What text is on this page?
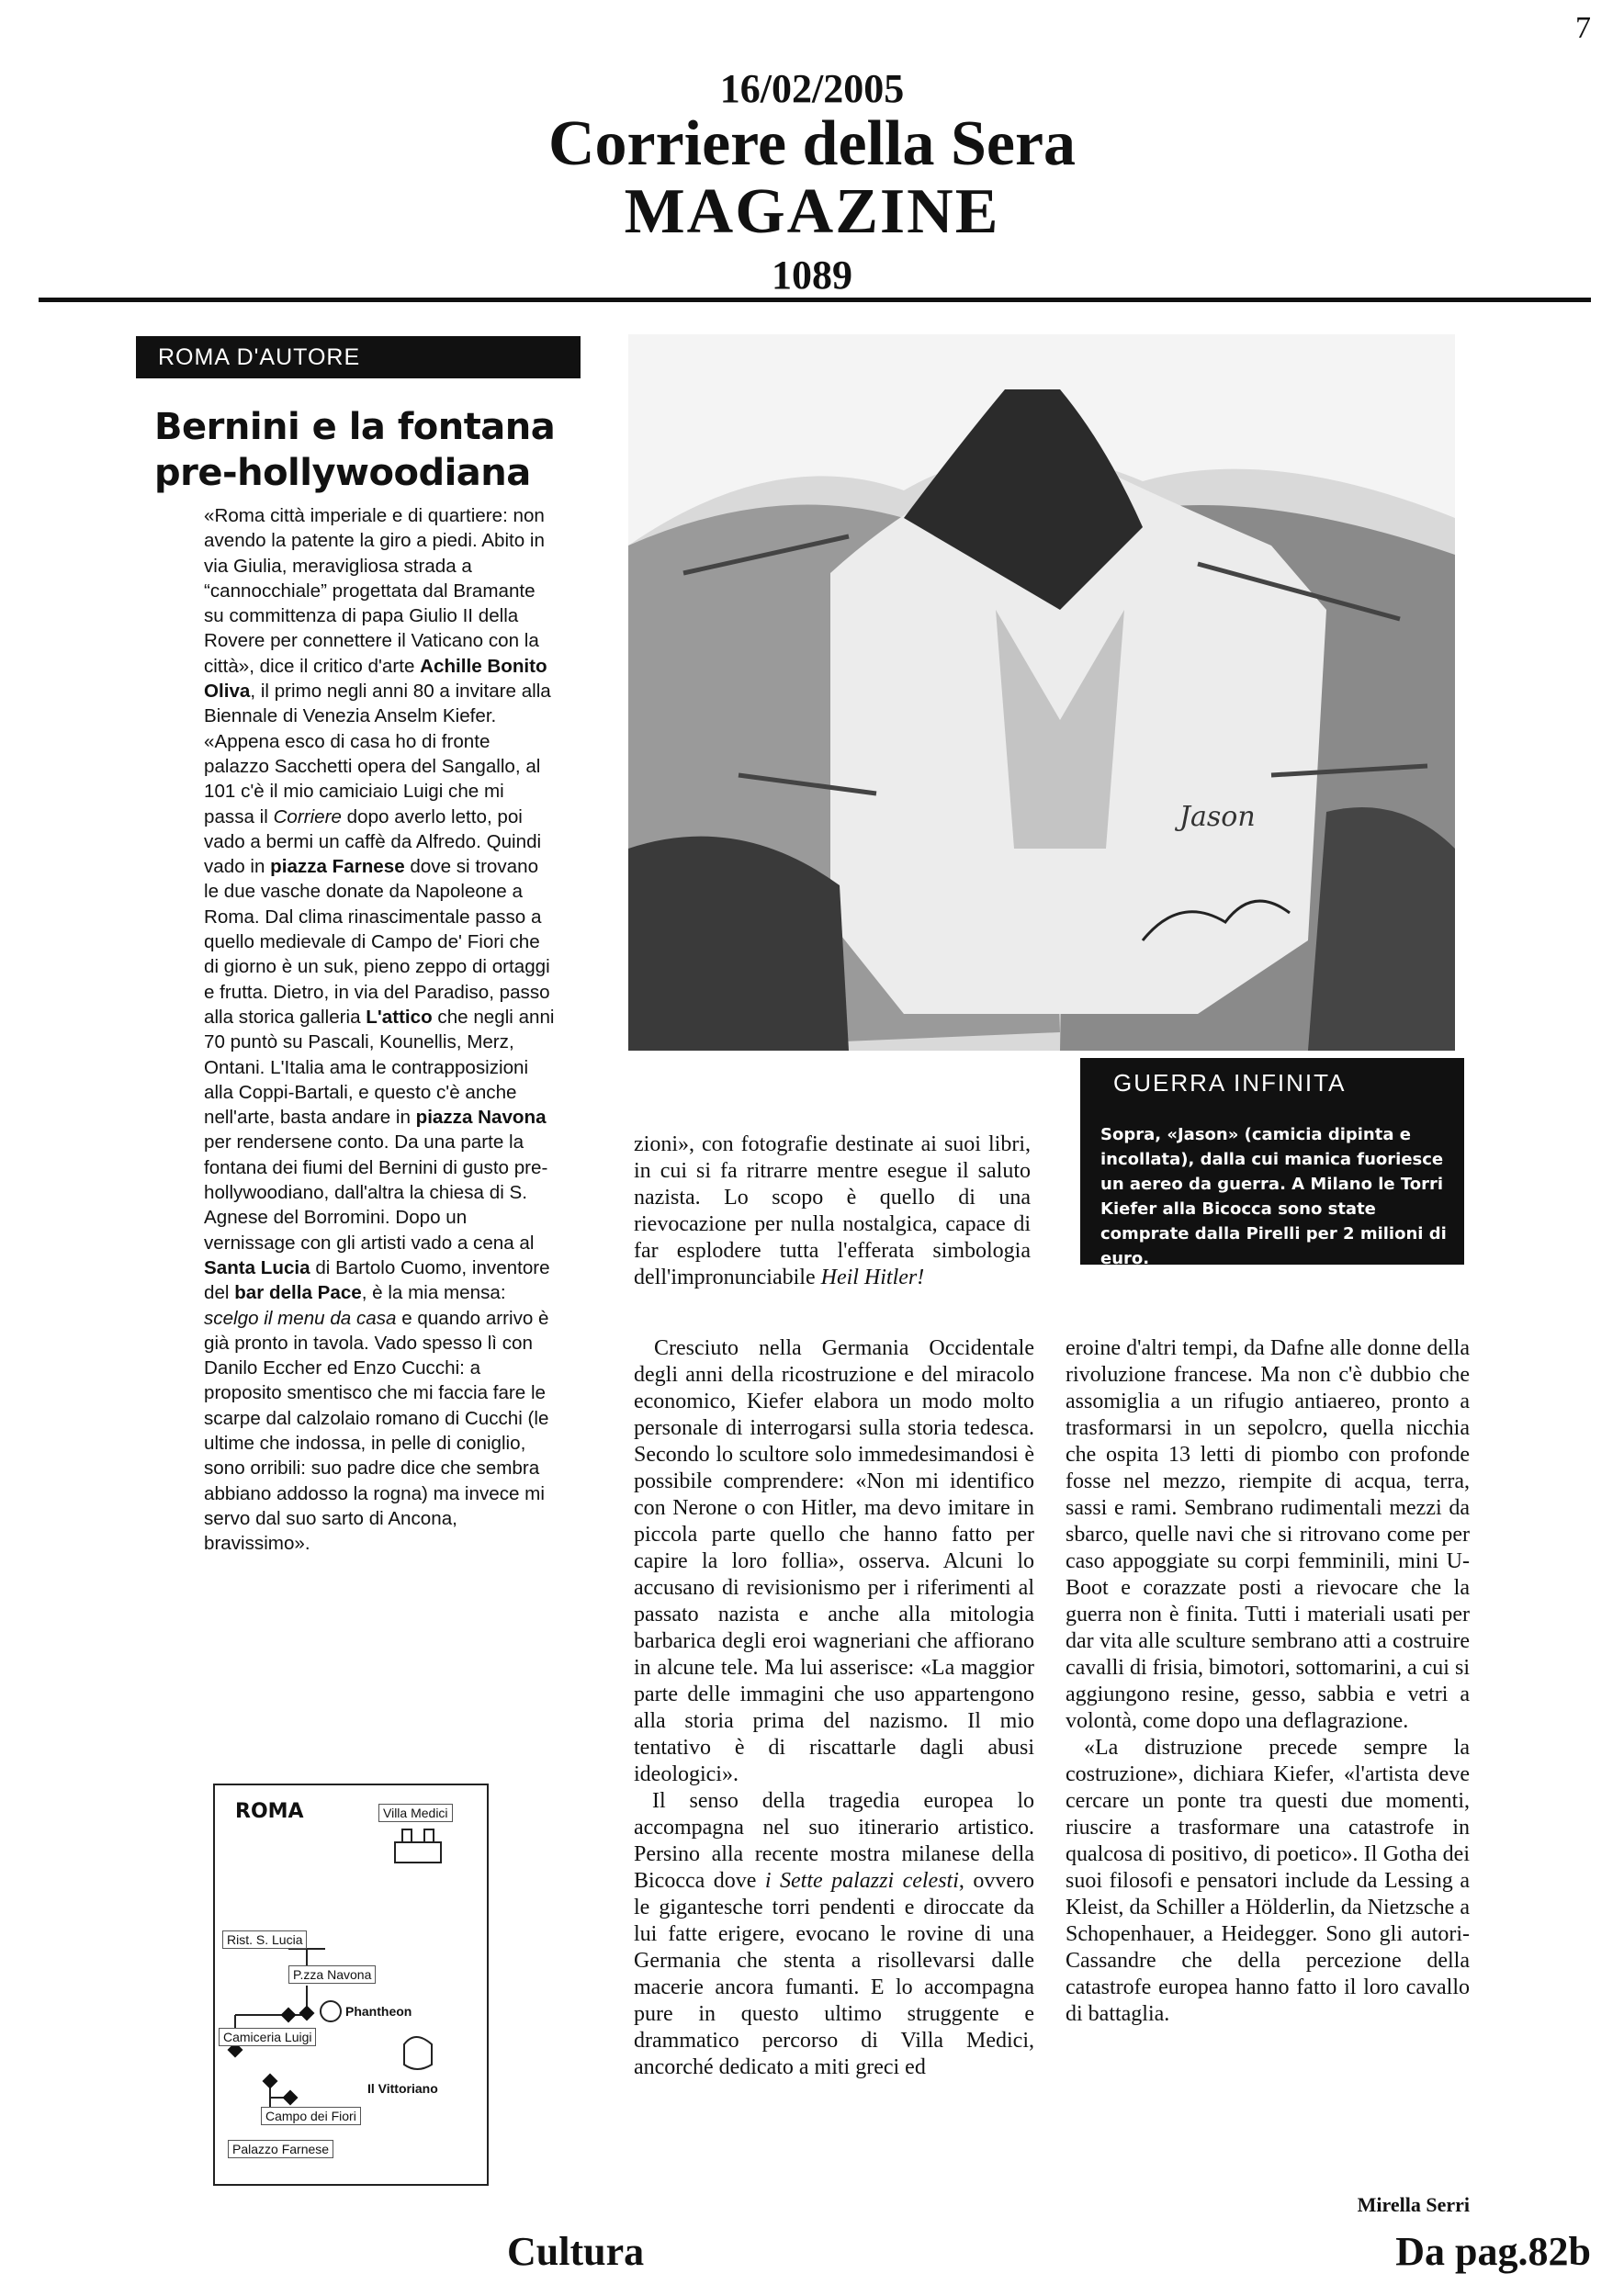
7
16/02/2005
Corriere della Sera
MAGAZINE
1089
ROMA D'AUTORE
Bernini e la fontana
pre-hollywoodiana
«Roma città imperiale e di quartiere: non avendo la patente la giro a piedi. Abito in via Giulia, meravigliosa strada a “cannocchiale” progettata dal Bramante su committenza di papa Giulio II della Rovere per connettere il Vaticano con la città», dice il critico d'arte Achille Bonito Oliva, il primo negli anni 80 a invitare alla Biennale di Venezia Anselm Kiefer. «Appena esco di casa ho di fronte palazzo Sacchetti opera del Sangallo, al 101 c'è il mio camiciaio Luigi che mi passa il Corriere dopo averlo letto, poi vado a bermi un caffè da Alfredo. Quindi vado in piazza Farnese dove si trovano le due vasche donate da Napoleone a Roma. Dal clima rinascimentale passo a quello medievale di Campo de' Fiori che di giorno è un suk, pieno zeppo di ortaggi e frutta. Dietro, in via del Paradiso, passo alla storica galleria L'attico che negli anni 70 puntò su Pascali, Kounellis, Merz, Ontani. L'Italia ama le contrapposizioni alla Coppi-Bartali, e questo c'è anche nell'arte, basta andare in piazza Navona per rendersene conto. Da una parte la fontana dei fiumi del Bernini di gusto pre-hollywoodiano, dall'altra la chiesa di S. Agnese del Borromini. Dopo un vernissage con gli artisti vado a cena al Santa Lucia di Bartolo Cuomo, inventore del bar della Pace, è la mia mensa: scelgo il menu da casa e quando arrivo è già pronto in tavola. Vado spesso lì con Danilo Eccher ed Enzo Cucchi: a proposito smentisco che mi faccia fare le scarpe dal calzolaio romano di Cucchi (le ultime che indossa, in pelle di coniglio, sono orribili: suo padre dice che sembra abbiano addosso la rogna) ma invece mi servo dal suo sarto di Ancona, bravissimo».
ROMA	Villa Medici
Rist. S. Lucia
P.zza Navona
Phantheon
Camiceria Luigi
Il Vittoriano
Campo dei Fiori
Palazzo Farnese
Jason
GUERRA INFINITA
Sopra, «Jason» (camicia dipinta e incollata), dalla cui manica fuoriesce un aereo da guerra. A Milano le Torri Kiefer alla Bicocca sono state comprate dalla Pirelli per 2 milioni di euro.
zioni», con fotografie destinate ai suoi libri, in cui si fa ritrarre mentre esegue il saluto nazista. Lo scopo è quello di una rievocazione per nulla nostalgica, capace di far esplodere tutta l'efferata simbologia dell'impronunciabile Heil Hitler!

Cresciuto nella Germania Occidentale degli anni della ricostruzione e del miracolo economico, Kiefer elabora un modo molto personale di interrogarsi sulla storia tedesca. Secondo lo scultore solo immedesimandosi è possibile comprendere: «Non mi identifico con Nerone o con Hitler, ma devo imitare in piccola parte quello che hanno fatto per capire la loro follia», osserva. Alcuni lo accusano di revisionismo per i riferimenti al passato nazista e anche alla mitologia barbarica degli eroi wagneriani che affiorano in alcune tele. Ma lui asserisce: «La maggior parte delle immagini che uso appartengono alla storia prima del nazismo. Il mio tentativo è di riscattarle dagli abusi ideologici».

Il senso della tragedia europea lo accompagna nel suo itinerario artistico. Persino alla recente mostra milanese della Bicocca dove i Sette palazzi celesti, ovvero le gigantesche torri pendenti e diroccate da lui fatte erigere, evocano le rovine di una Germania che stenta a risollevarsi dalle macerie ancora fumanti. E lo accompagna pure in questo ultimo struggente e drammatico percorso di Villa Medici, ancorché dedicato a miti greci ed

eroine d'altri tempi, da Dafne alle donne della rivoluzione francese. Ma non c'è dubbio che assomiglia a un rifugio antiaereo, pronto a trasformarsi in un sepolcro, quella nicchia che ospita 13 letti di piombo con profonde fosse nel mezzo, riempite di acqua, terra, sassi e rami. Sembrano rudimentali mezzi da sbarco, quelle navi che si ritrovano come per caso appoggiate su corpi femminili, mini U-Boot e corazzate posti a rievocare che la guerra non è finita. Tutti i materiali usati per dar vita alle sculture sembrano atti a costruire cavalli di frisia, bimotori, sottomarini, a cui si aggiungono resine, gesso, sabbia e vetri a volontà, come dopo una deflagrazione.

«La distruzione precede sempre la costruzione», dichiara Kiefer, «l'artista deve cercare un ponte tra questi due momenti, riuscire a trasformare una catastrofe in qualcosa di positivo, di poetico». Il Gotha dei suoi filosofi e pensatori include da Lessing a Kleist, da Schiller a Hölderlin, da Nietzsche a Schopenhauer, a Heidegger. Sono gli autori-Cassandre che della percezione della catastrofe europea hanno fatto il loro cavallo di battaglia.

Mirella Serri
Cultura	Da pag.82b
